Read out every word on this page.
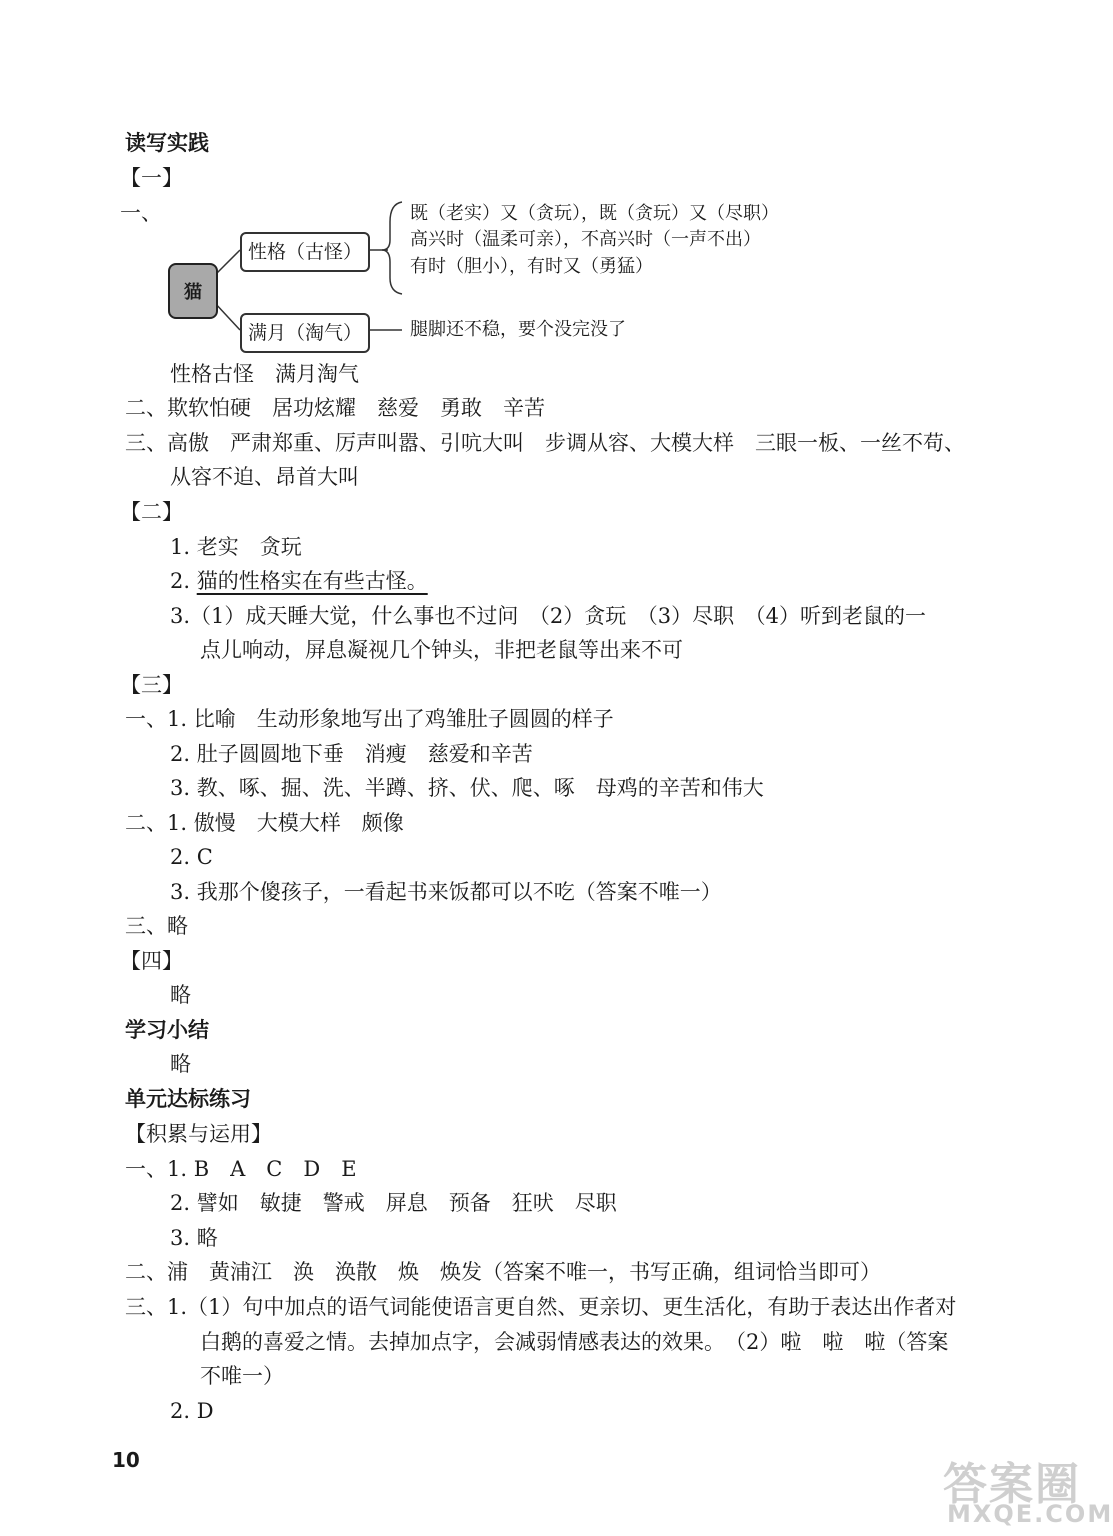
读写实践
【一】
一、
猫
性格（古怪）
满月（淘气）
既（老实）又（贪玩），既（贪玩）又（尽职）
高兴时（温柔可亲），不高兴时（一声不出）
有时（胆小），有时又（勇猛）
腿脚还不稳，要个没完没了
性格古怪　满月淘气
二、欺软怕硬　居功炫耀　慈爱　勇敢　辛苦
三、高傲　严肃郑重、厉声叫嚣、引吭大叫　步调从容、大模大样　三眼一板、一丝不苟、
从容不迫、昂首大叫
【二】
1. 老实　贪玩
2. 猫的性格实在有些古怪。
3.（1）成天睡大觉，什么事也不过问　（2）贪玩　（3）尽职　（4）听到老鼠的一
点儿响动，屏息凝视几个钟头，非把老鼠等出来不可
【三】
一、1. 比喻　生动形象地写出了鸡雏肚子圆圆的样子
2. 肚子圆圆地下垂　消瘦　慈爱和辛苦
3. 教、啄、掘、洗、半蹲、挤、伏、爬、啄　母鸡的辛苦和伟大
二、1. 傲慢　大模大样　颇像
2. C
3. 我那个傻孩子，一看起书来饭都可以不吃（答案不唯一）
三、略
【四】
略
学习小结
略
单元达标练习
【积累与运用】
一、1. B　A　C　D　E
2. 譬如　敏捷　警戒　屏息　预备　狂吠　尽职
3. 略
二、浦　黄浦江　涣　涣散　焕　焕发（答案不唯一，书写正确，组词恰当即可）
三、1.（1）句中加点的语气词能使语言更自然、更亲切、更生活化，有助于表达出作者对
白鹅的喜爱之情。去掉加点字，会减弱情感表达的效果。　（2）啦　啦　啦（答案
不唯一）
2. D
10	答案圈
MXQE.COM
